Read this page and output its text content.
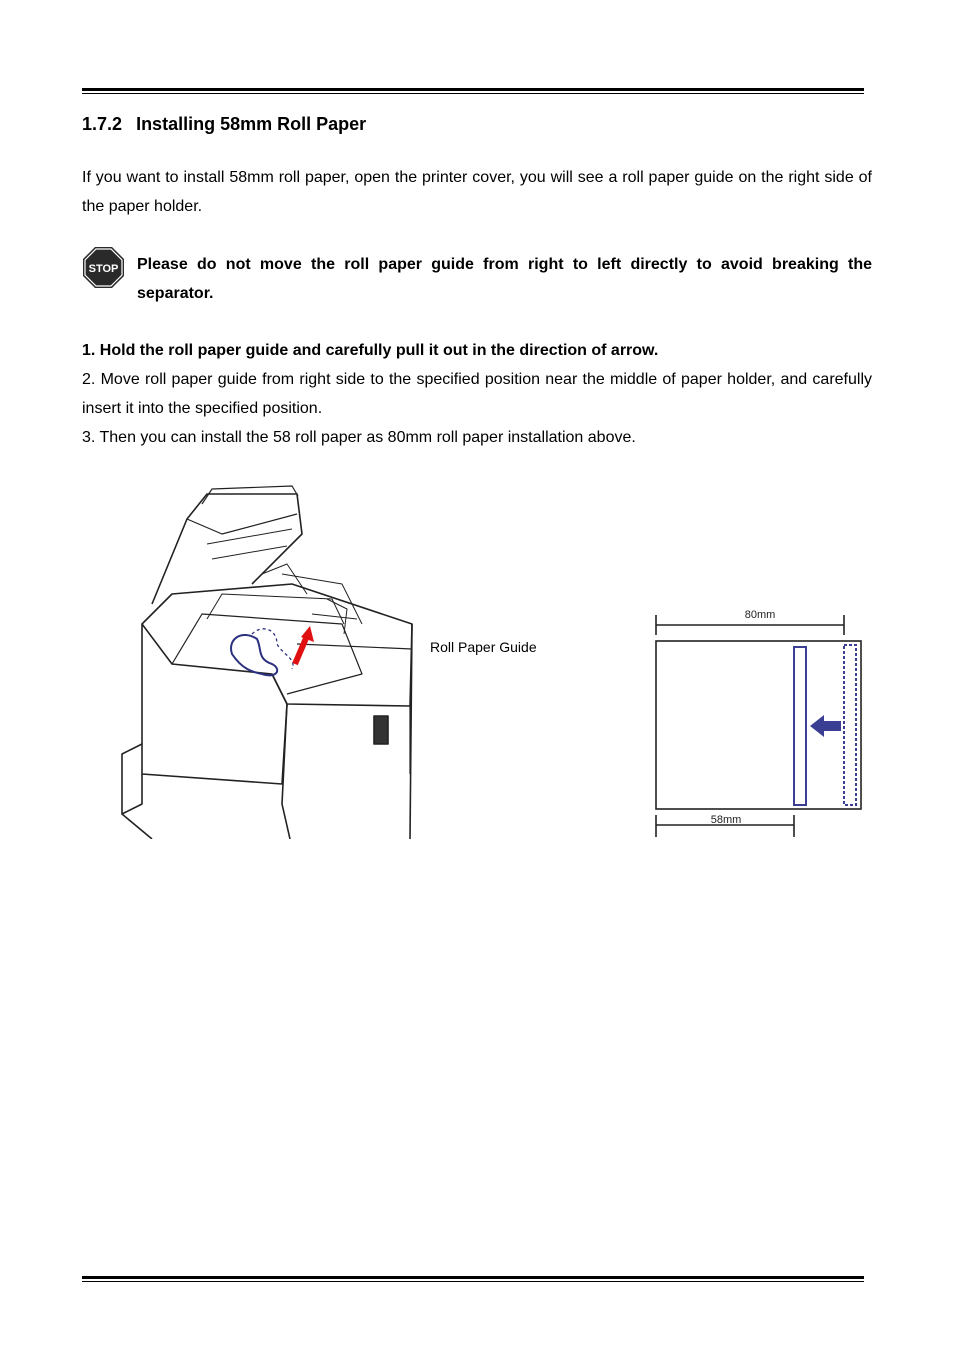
1.7.2 Installing 58mm Roll Paper
If you want to install 58mm roll paper, open the printer cover, you will see a roll paper guide on the right side of the paper holder.
STOP Please do not move the roll paper guide from right to left directly to avoid breaking the separator.
1. Hold the roll paper guide and carefully pull it out in the direction of arrow.
2. Move roll paper guide from right side to the specified position near the middle of paper holder, and carefully insert it into the specified position.
3. Then you can install the 58 roll paper as 80mm roll paper installation above.
Roll Paper Guide
80mm
58mm
